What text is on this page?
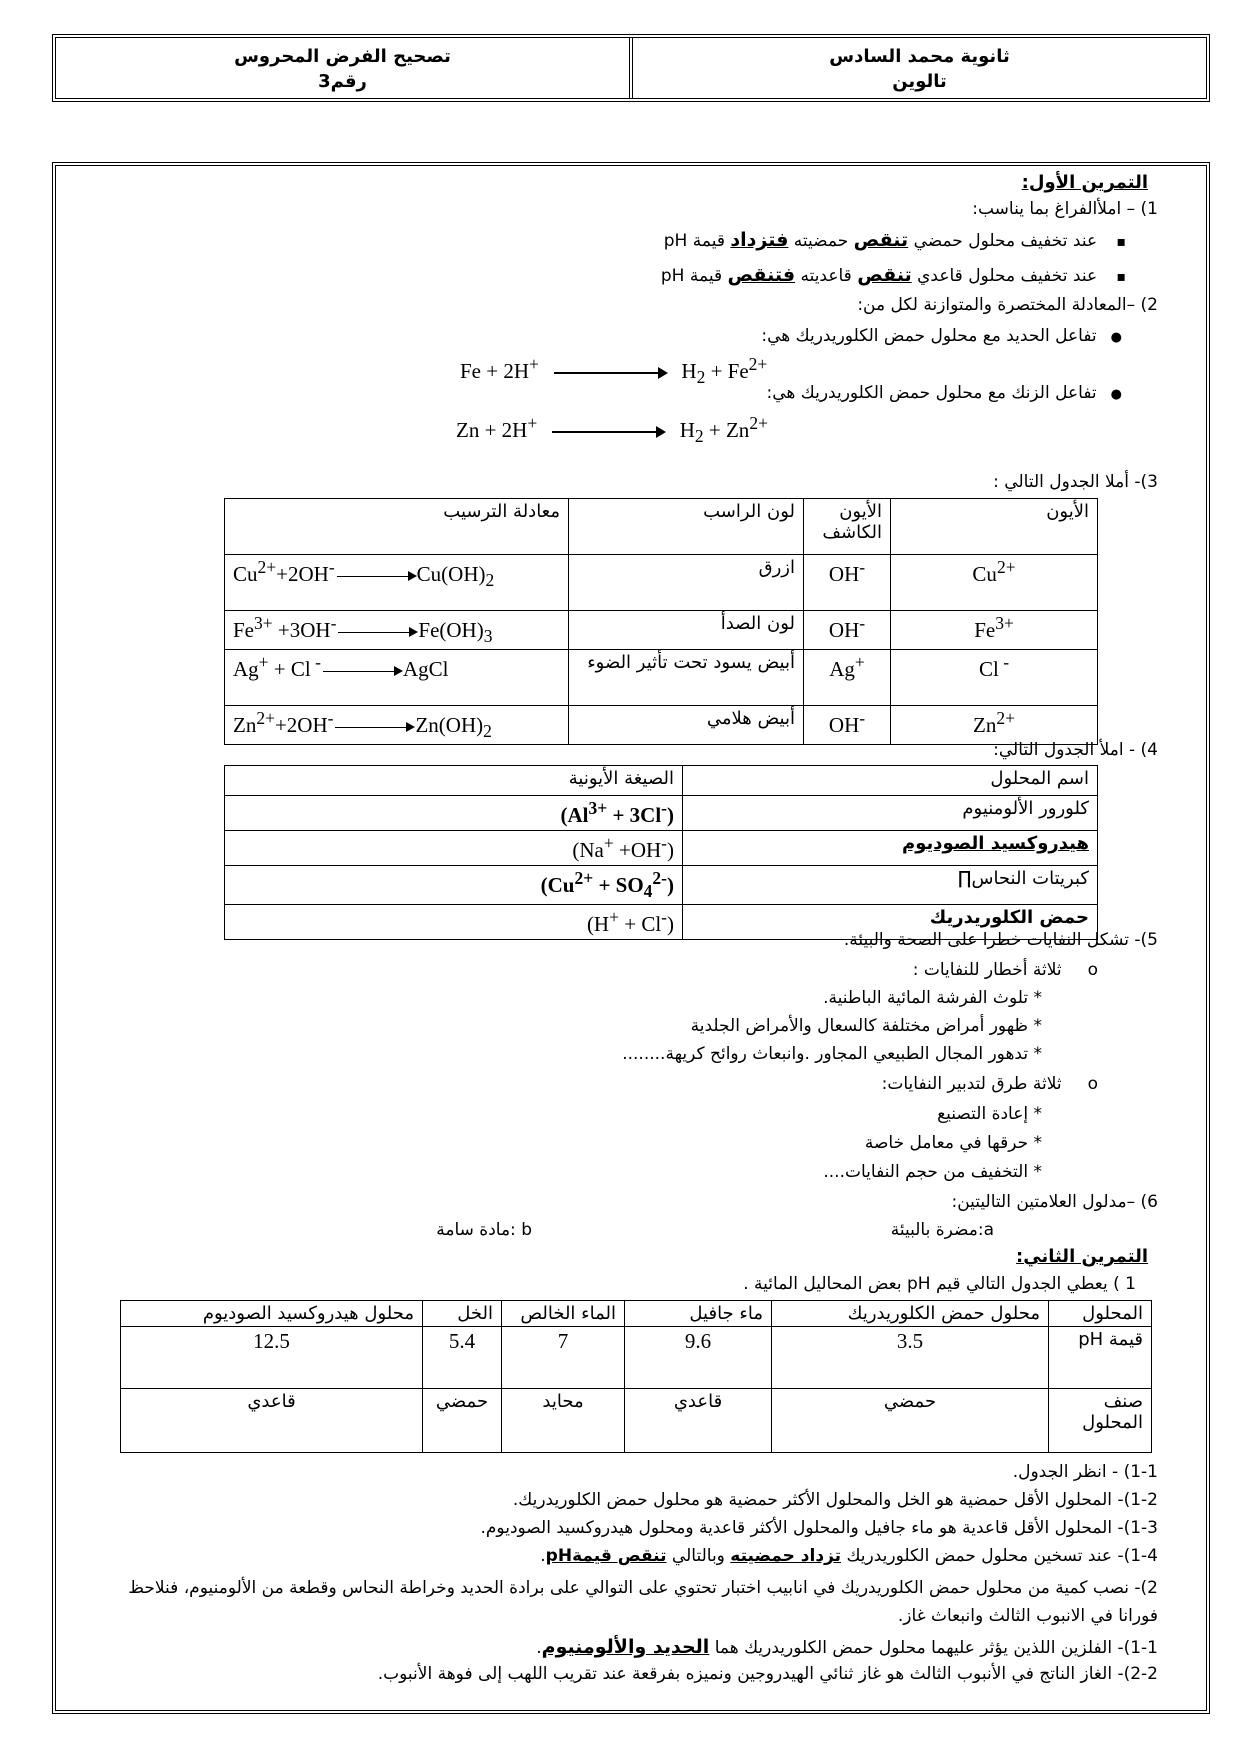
تصحيح الفرض المحروس
رقم3
ثانوية محمد السادس
تالوين
التمرين الأول:
1) – املأالفراغ بما يناسب:
▪ عند تخفيف محلول حمضي تنقص حمضيته فتزداد قيمة pH
▪ عند تخفيف محلول قاعدي تنقص قاعديته فتنقص قيمة pH
2) –المعادلة المختصرة والمتوازنة لكل من:
● تفاعل الحديد مع محلول حمض الكلوريدريك هي:
Fe + 2H+	$H_2 + Fe^{2+}$
● تفاعل الزنك مع محلول حمض الكلوريدريك هي:
Zn + 2H+	$H_2 + Zn^{2+}$
3)- أملا الجدول التالي :
الأيون	الأيون الكاشف	لون الراسب	معادلة الترسيب
$Cu^{2+}$	OH-	ازرق	$Cu^{2+}+2OH^- \to Cu(OH)_2$
$Fe^{3+}$	OH-	لون الصدأ	$Fe^{3+} +3OH^- \to Fe(OH)_3$
Cl -	Ag+	أبيض يسود تحت تأثير الضوء	Ag+ + Cl - → AgCl
$Zn^{2+}$	OH-	أبيض هلامي	$Zn^{2+}+2OH^- \to Zn(OH)_2$
4) - املأ الجدول التالي:
اسم المحلول	الصيغة الأيونية
كلورور الألومنيوم	$(Al^{3+} + 3Cl^-)$
هيدروكسيد الصوديوم	(Na+ +OH-)
كبريتات النحاس∏	$(Cu^{2+} + SO_4^{2-})$
حمض الكلوريدريك	(H+ + Cl-)
5)- تشكل النفايات خطرا على الصحة والبيئة.
o ثلاثة أخطار للنفايات :
* تلوث الفرشة المائية الباطنية.
* ظهور أمراض مختلفة كالسعال والأمراض الجلدية
* تدهور المجال الطبيعي المجاور .وانبعاث روائح كريهة........
o ثلاثة طرق لتدبير النفايات:
* إعادة التصنيع
* حرقها في معامل خاصة
* التخفيف من حجم النفايات....
6) –مدلول العلامتين التاليتين:
a:مضرة بالبيئة
b :مادة سامة
التمرين الثاني:
1 ) يعطي الجدول التالي قيم pH بعض المحاليل المائية .
المحلول	محلول حمض الكلوريدريك	ماء جافيل	الماء الخالص	الخل	محلول هيدروكسيد الصوديوم
قيمة pH	3.5	9.6	7	5.4	12.5
صنف المحلول	حمضي	قاعدي	محايد	حمضي	قاعدي
1-1) - انظر الجدول.
1-2)- المحلول الأقل حمضية هو الخل والمحلول الأكثر حمضية هو محلول حمض الكلوريدريك.
1-3)- المحلول الأقل قاعدية هو ماء جافيل والمحلول الأكثر قاعدية ومحلول هيدروكسيد الصوديوم.
1-4)- عند تسخين محلول حمض الكلوريدريك تزداد حمضيته وبالتالي تنقص قيمةpH.
2)- نصب كمية من محلول حمض الكلوريدريك في انابيب اختبار تحتوي على التوالي على برادة الحديد وخراطة النحاس وقطعة من الألومنيوم، فنلاحظ فورانا في الانبوب الثالث وانبعاث غاز.
1-1)- الفلزين اللذين يؤثر عليهما محلول حمض الكلوريدريك هما الحديد والألومنيوم.
2-2)- الغاز الناتج في الأنبوب الثالث هو غاز ثنائي الهيدروجين ونميزه بفرقعة عند تقريب اللهب إلى فوهة الأنبوب.
